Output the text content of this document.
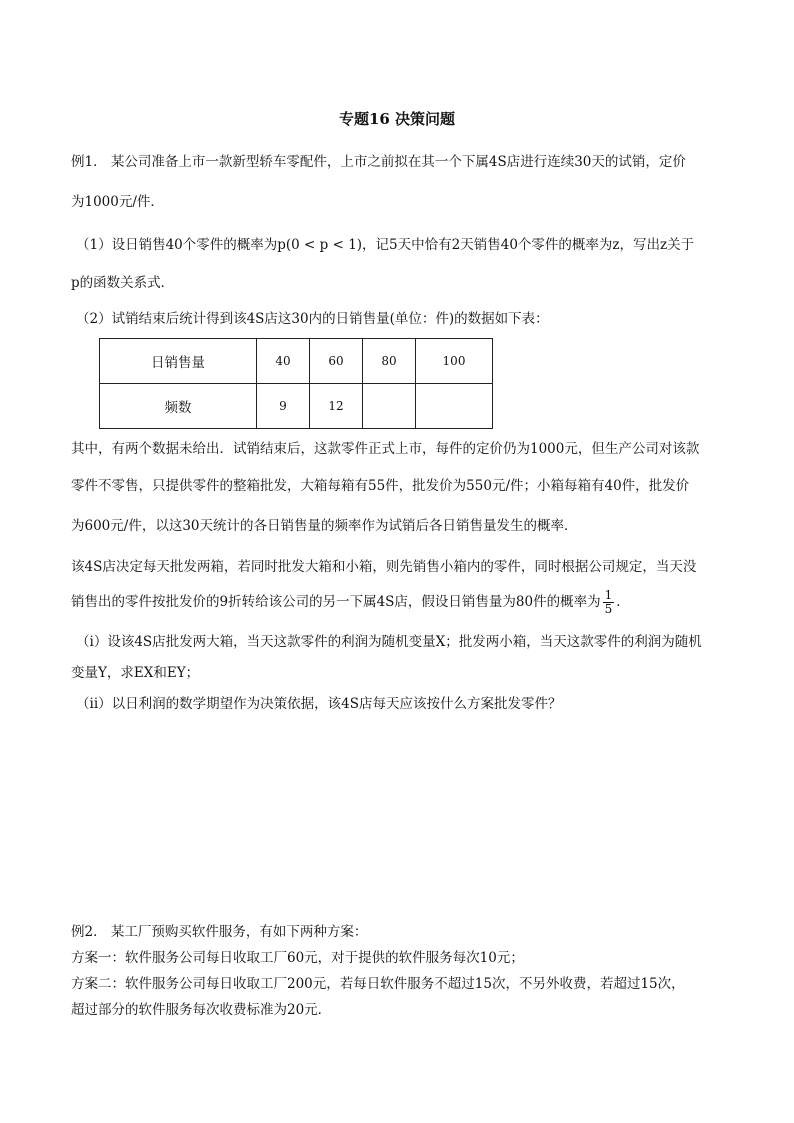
专题16 决策问题
例1． 某公司准备上市一款新型轿车零配件，上市之前拟在其一个下属4S店进行连续30天的试销，定价
为1000元/件．
（1）设日销售40个零件的概率为p(0 < p < 1)，记5天中恰有2天销售40个零件的概率为z，写出z关于
p的函数关系式．
（2）试销结束后统计得到该4S店这30内的日销售量(单位：件)的数据如下表：
日销售量	40	60	80	100
频数	9	12		
其中，有两个数据未给出．试销结束后，这款零件正式上市，每件的定价仍为1000元，但生产公司对该款
零件不零售，只提供零件的整箱批发，大箱每箱有55件，批发价为550元/件；小箱每箱有40件，批发价
为600元/件，以这30天统计的各日销售量的频率作为试销后各日销售量发生的概率．
该4S店决定每天批发两箱，若同时批发大箱和小箱，则先销售小箱内的零件，同时根据公司规定，当天没
销售出的零件按批发价的9折转给该公司的另一下属4S店，假设日销售量为80件的概率为 $\frac{1}{5}$ ．
（i）设该4S店批发两大箱，当天这款零件的利润为随机变量X；批发两小箱，当天这款零件的利润为随机
变量Y，求EX和EY；
（ii）以日利润的数学期望作为决策依据，该4S店每天应该按什么方案批发零件？
例2． 某工厂预购买软件服务，有如下两种方案：
方案一：软件服务公司每日收取工厂60元，对于提供的软件服务每次10元；
方案二：软件服务公司每日收取工厂200元，若每日软件服务不超过15次，不另外收费，若超过15次，
超过部分的软件服务每次收费标准为20元．
